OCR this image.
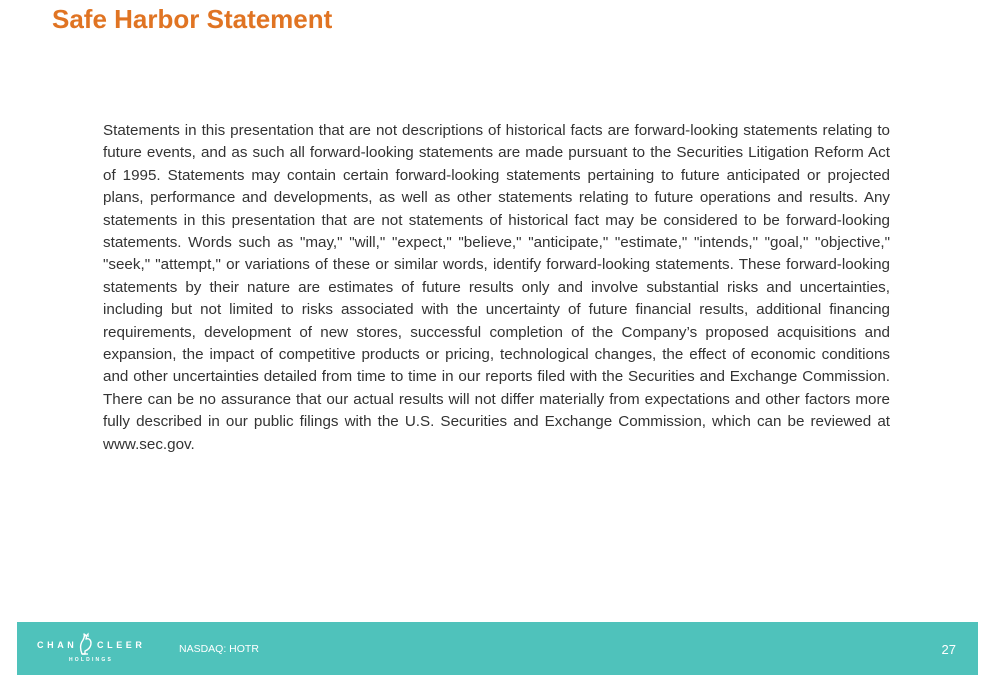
Safe Harbor Statement

Statements in this presentation that are not descriptions of historical facts are forward-looking statements relating to future events, and as such all forward-looking statements are made pursuant to the Securities Litigation Reform Act of 1995. Statements may contain certain forward-looking statements pertaining to future anticipated or projected plans, performance and developments, as well as other statements relating to future operations and results. Any statements in this presentation that are not statements of historical fact may be considered to be forward-looking statements. Words such as "may," "will," "expect," "believe," "anticipate," "estimate," "intends," "goal," "objective," "seek," "attempt," or variations of these or similar words, identify forward-looking statements. These forward-looking statements by their nature are estimates of future results only and involve substantial risks and uncertainties, including but not limited to risks associated with the uncertainty of future financial results, additional financing requirements, development of new stores, successful completion of the Company’s proposed acquisitions and expansion, the impact of competitive products or pricing, technological changes, the effect of economic conditions and other uncertainties detailed from time to time in our reports filed with the Securities and Exchange Commission. There can be no assurance that our actual results will not differ materially from expectations and other factors more fully described in our public filings with the U.S. Securities and Exchange Commission, which can be reviewed at www.sec.gov.

CHAN CLEER
HOLDINGS
NASDAQ: HOTR	27
